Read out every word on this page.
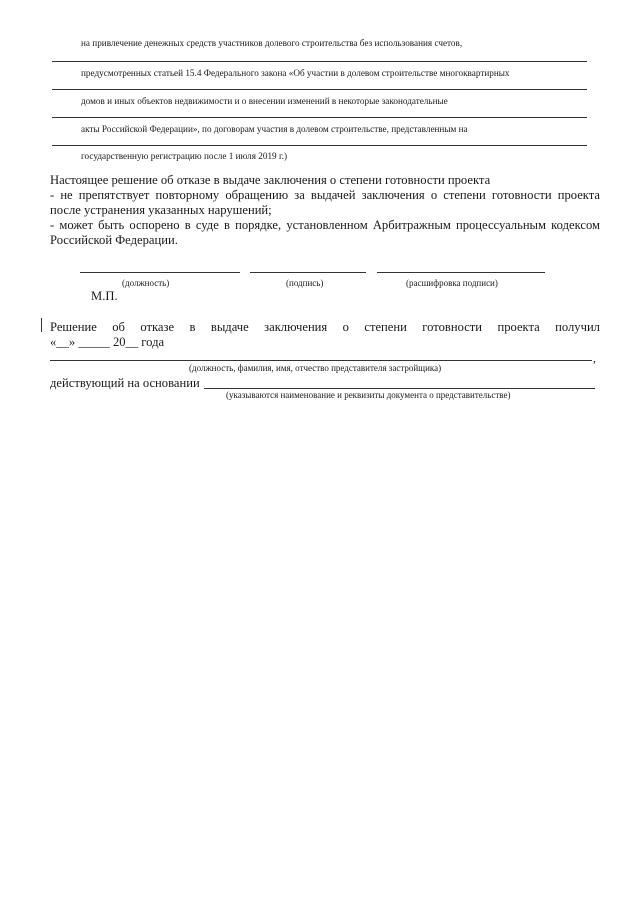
на привлечение денежных средств участников долевого строительства без использования счетов,
предусмотренных статьей 15.4 Федерального закона «Об участии в долевом строительстве многоквартирных
домов и иных объектов недвижимости и о внесении изменений в некоторые законодательные
акты Российской Федерации», по договорам участия в долевом строительстве, представленным на
государственную регистрацию после 1 июля 2019 г.)

Настоящее решение об отказе в выдаче заключения о степени готовности проекта

- не препятствует повторному обращению за выдачей заключения о степени готовности проекта после устранения указанных нарушений;

- может быть оспорено в суде в порядке, установленном Арбитражным процессуальным кодексом Российской Федерации.

(должность)	(подпись)	(расшифровка подписи)
М.П.
Решение об отказе в выдаче заключения о степени готовности проекта получил
«__» _____ 20__ года
,
(должность, фамилия, имя, отчество представителя застройщика)
действующий на основании
(указываются наименование и реквизиты документа о представительстве)
